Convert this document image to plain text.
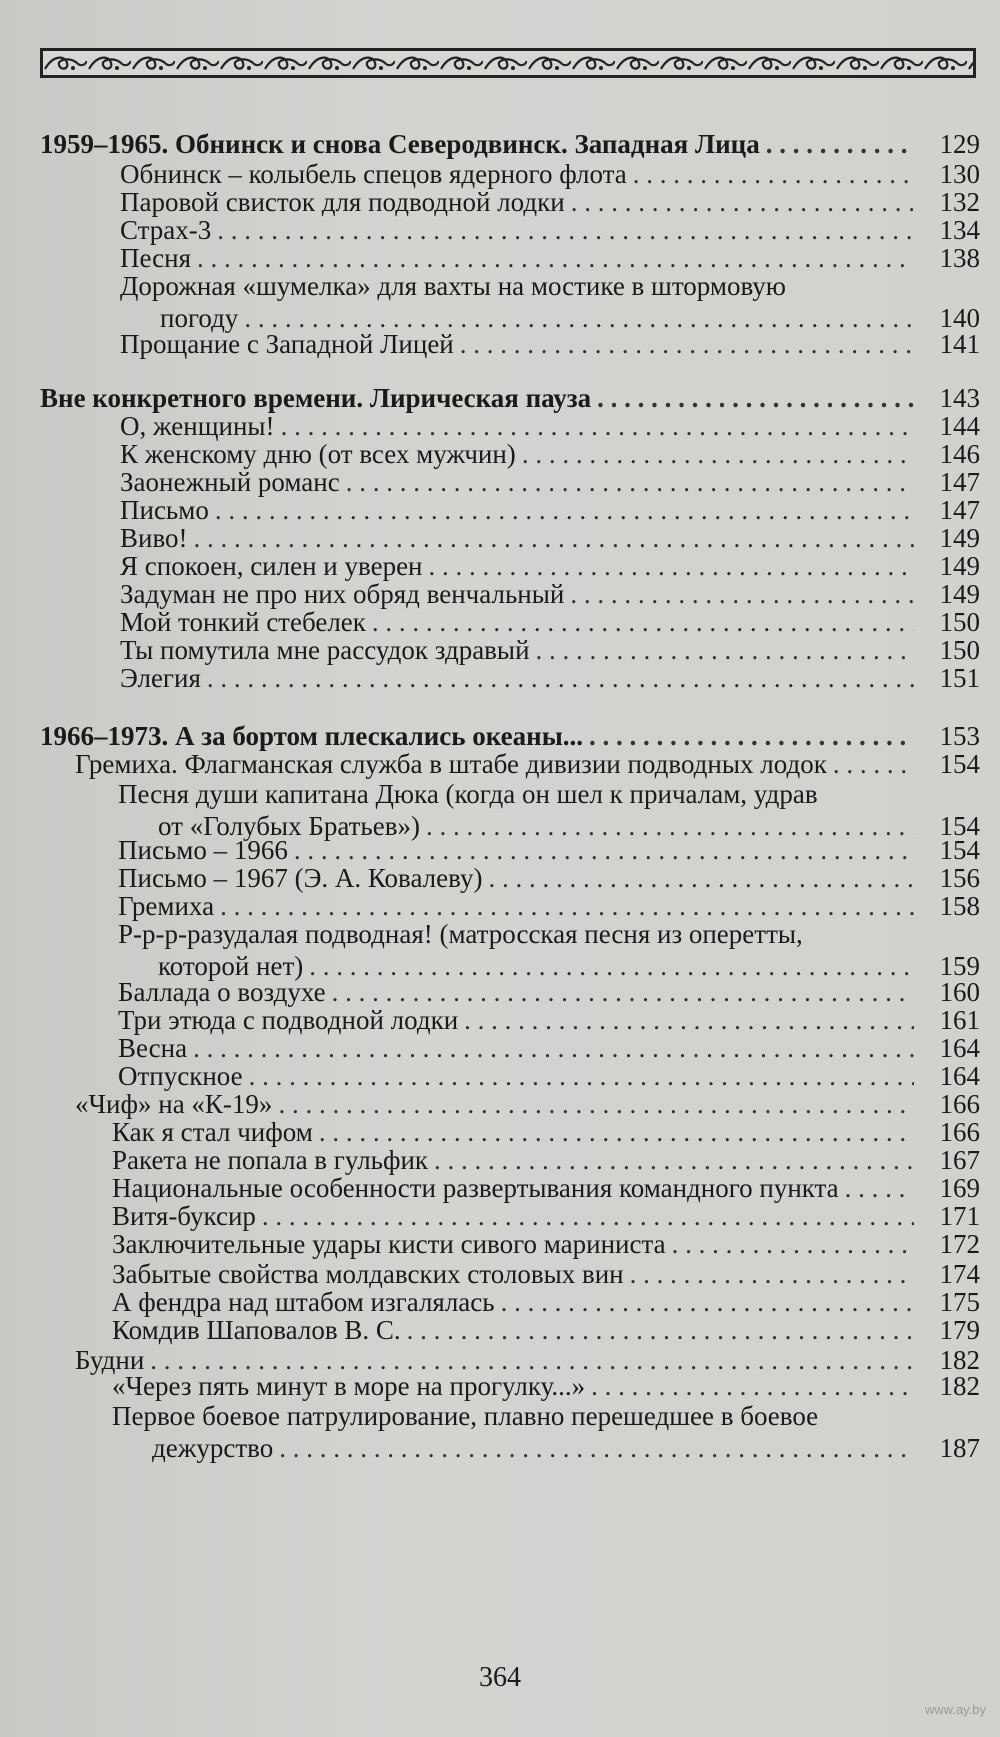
1959–1965. Обнинск и снова Северодвинск. Западная Лица . . .	129
Обнинск – колыбель спецов ядерного флота . . .	130
Паровой свисток для подводной лодки . . .	132
Страх-3 . . .	134
Песня . . .	138
Дорожная «шумелка» для вахты на мостике в штормовую
погоду . . .	140
Прощание с Западной Лицей . . .	141
Вне конкретного времени. Лирическая пауза . . .	143
О, женщины! . . .	144
К женскому дню (от всех мужчин) . . .	146
Заонежный романс . . .	147
Письмо . . .	147
Виво! . . .	149
Я спокоен, силен и уверен . . .	149
Задуман не про них обряд венчальный . . .	149
Мой тонкий стебелек . . .	150
Ты помутила мне рассудок здравый . . .	150
Элегия . . .	151
1966–1973. А за бортом плескались океаны... . . .	153
Гремиха. Флагманская служба в штабе дивизии подводных лодок . . .	154
Песня души капитана Дюка (когда он шел к причалам, удрав
от «Голубых Братьев») . . .	154
Письмо – 1966 . . .	154
Письмо – 1967 (Э. А. Ковалеву) . . .	156
Гремиха . . .	158
Р-р-р-разудалая подводная! (матросская песня из оперетты,
которой нет) . . .	159
Баллада о воздухе . . .	160
Три этюда с подводной лодки . . .	161
Весна . . .	164
Отпускное . . .	164
«Чиф» на «К-19» . . .	166
Как я стал чифом . . .	166
Ракета не попала в гульфик . . .	167
Национальные особенности развертывания командного пункта . . .	169
Витя-буксир . . .	171
Заключительные удары кисти сивого мариниста . . .	172
Забытые свойства молдавских столовых вин . . .	174
А фендра над штабом изгалялась . . .	175
Комдив Шаповалов В. С. . . .	179
Будни . . .	182
«Через пять минут в море на прогулку...» . . .	182
Первое боевое патрулирование, плавно перешедшее в боевое
дежурство . . .	187
364
www.ay.by
